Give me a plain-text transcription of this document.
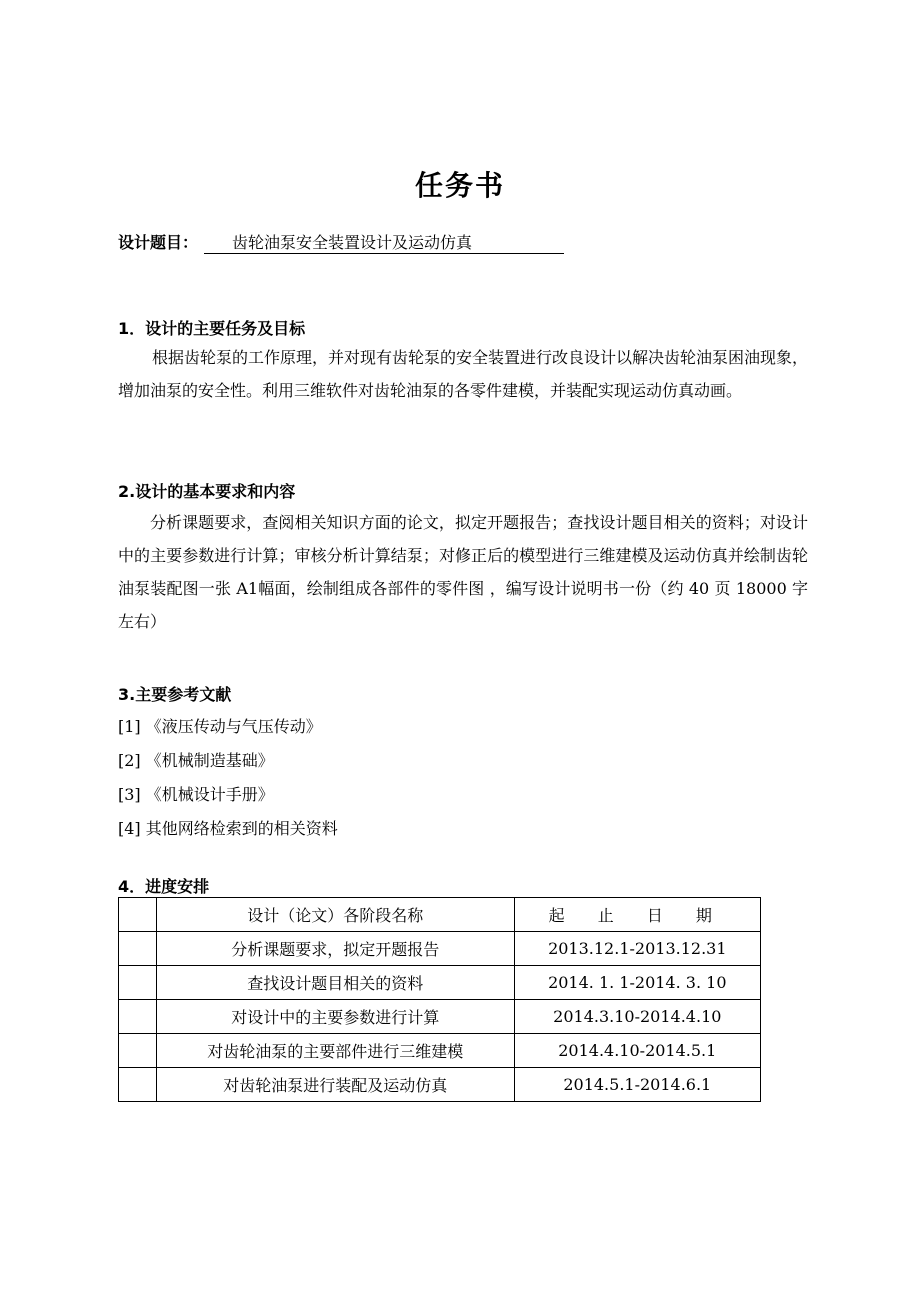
任务书
设计题目：	齿轮油泵安全装置设计及运动仿真
1．设计的主要任务及目标
根据齿轮泵的工作原理，并对现有齿轮泵的安全装置进行改良设计以解决齿轮油泵困油现象，增加油泵的安全性。利用三维软件对齿轮油泵的各零件建模，并装配实现运动仿真动画。
2.设计的基本要求和内容
分析课题要求，查阅相关知识方面的论文，拟定开题报告；查找设计题目相关的资料；对设计中的主要参数进行计算；审核分析计算结泵；对修正后的模型进行三维建模及运动仿真并绘制齿轮油泵装配图一张 A1幅面，绘制组成各部件的零件图 ，编写设计说明书一份（约 40 页 18000 字左右）
3.主要参考文献
[1] 《液压传动与气压传动》
[2] 《机械制造基础》
[3] 《机械设计手册》
[4] 其他网络检索到的相关资料
4．进度安排
	设计（论文）各阶段名称	起 止 日 期
	分析课题要求，拟定开题报告	2013.12.1-2013.12.31
	查找设计题目相关的资料	2014. 1. 1-2014. 3. 10
	对设计中的主要参数进行计算	2014.3.10-2014.4.10
	对齿轮油泵的主要部件进行三维建模	2014.4.10-2014.5.1
	对齿轮油泵进行装配及运动仿真	2014.5.1-2014.6.1
